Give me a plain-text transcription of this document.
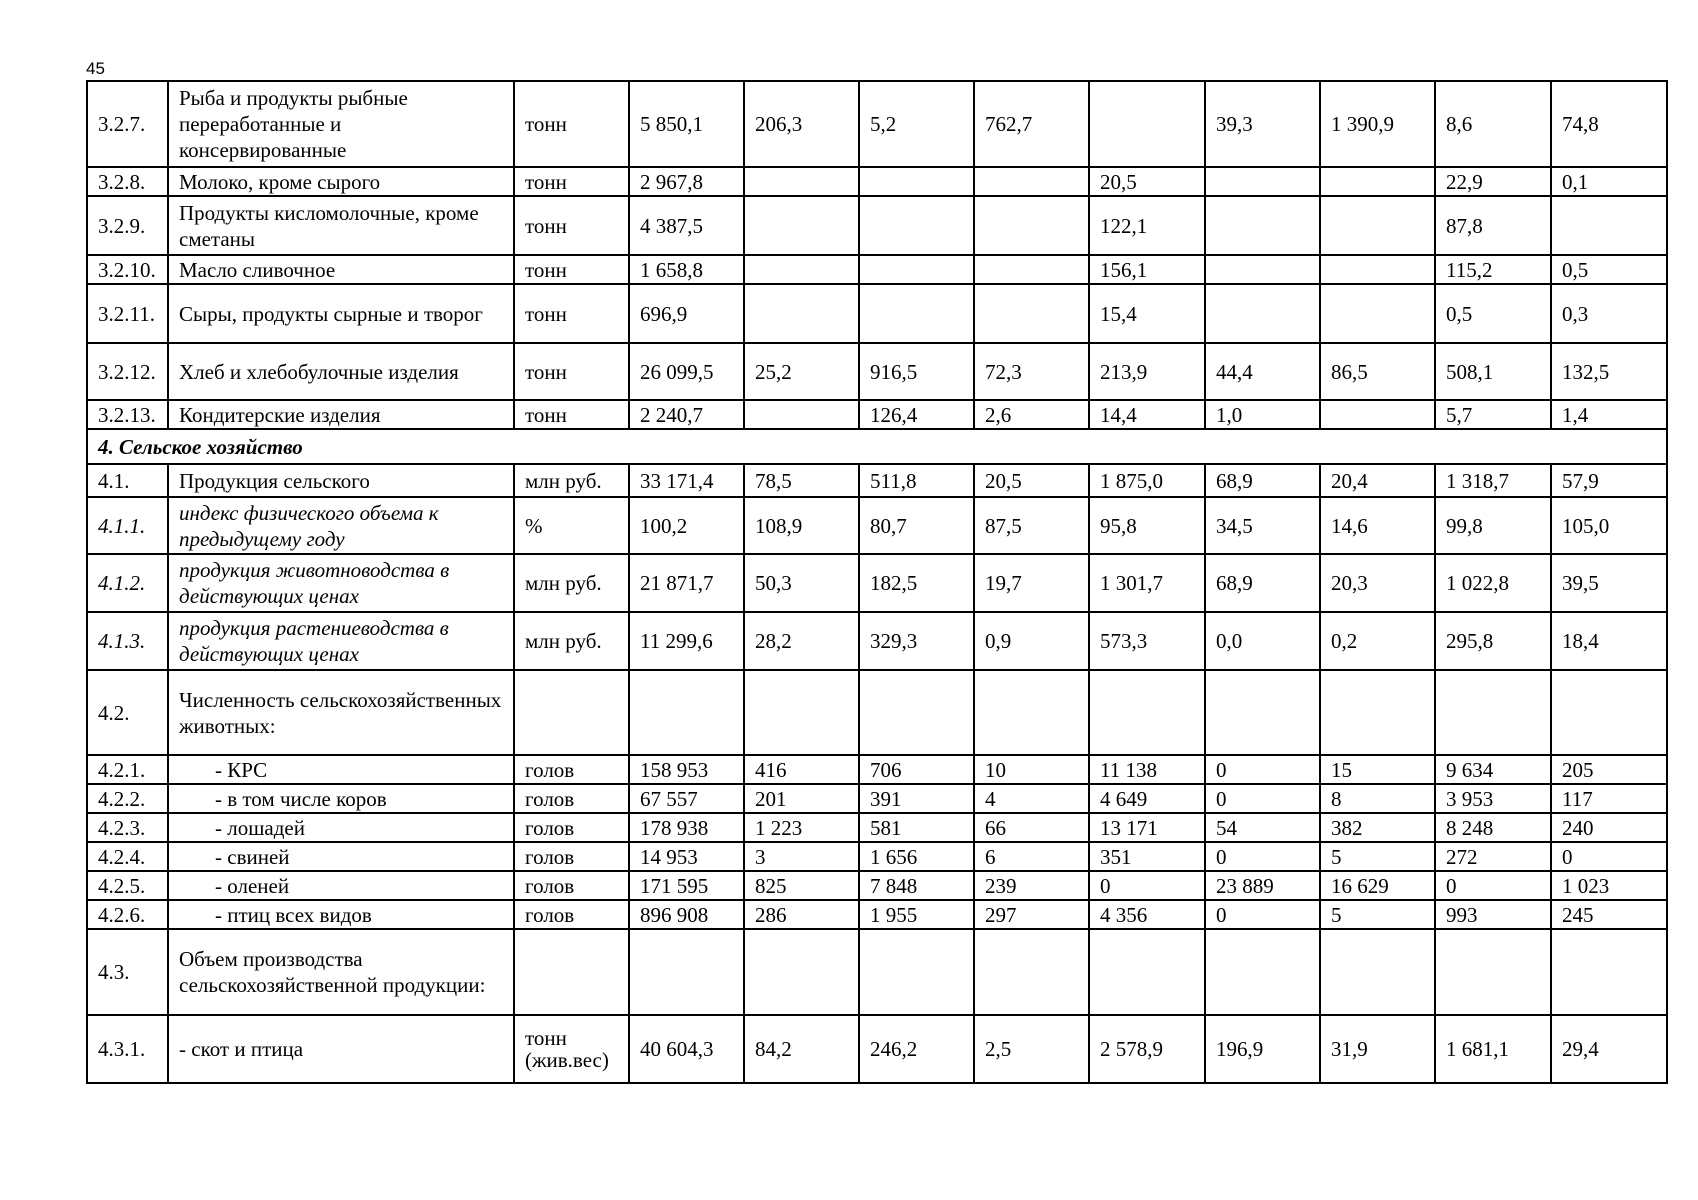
45
3.2.7.	Рыба и продукты рыбные переработанные и консервированные	тонн	5 850,1	206,3	5,2	762,7		39,3	1 390,9	8,6	74,8
3.2.8.	Молоко, кроме сырого	тонн	2 967,8				20,5			22,9	0,1
3.2.9.	Продукты кисломолочные, кроме сметаны	тонн	4 387,5				122,1			87,8	
3.2.10.	Масло сливочное	тонн	1 658,8				156,1			115,2	0,5
3.2.11.	Сыры, продукты сырные и творог	тонн	696,9				15,4			0,5	0,3
3.2.12.	Хлеб и хлебобулочные изделия	тонн	26 099,5	25,2	916,5	72,3	213,9	44,4	86,5	508,1	132,5
3.2.13.	Кондитерские изделия	тонн	2 240,7		126,4	2,6	14,4	1,0		5,7	1,4
4. Сельское хозяйство											
4.1.	Продукция сельского	млн руб.	33 171,4	78,5	511,8	20,5	1 875,0	68,9	20,4	1 318,7	57,9
4.1.1.	индекс физического объема к предыдущему году	%	100,2	108,9	80,7	87,5	95,8	34,5	14,6	99,8	105,0
4.1.2.	продукция животноводства в действующих ценах	млн руб.	21 871,7	50,3	182,5	19,7	1 301,7	68,9	20,3	1 022,8	39,5
4.1.3.	продукция растениеводства в действующих ценах	млн руб.	11 299,6	28,2	329,3	0,9	573,3	0,0	0,2	295,8	18,4
4.2.	Численность сельскохозяйственных животных:										
4.2.1.	- КРС	голов	158 953	416	706	10	11 138	0	15	9 634	205
4.2.2.	- в том числе коров	голов	67 557	201	391	4	4 649	0	8	3 953	117
4.2.3.	- лошадей	голов	178 938	1 223	581	66	13 171	54	382	8 248	240
4.2.4.	- свиней	голов	14 953	3	1 656	6	351	0	5	272	0
4.2.5.	- оленей	голов	171 595	825	7 848	239	0	23 889	16 629	0	1 023
4.2.6.	- птиц всех видов	голов	896 908	286	1 955	297	4 356	0	5	993	245
4.3.	Объем производства сельскохозяйственной продукции:										
4.3.1.	- скот и птица	тонн (жив.вес)	40 604,3	84,2	246,2	2,5	2 578,9	196,9	31,9	1 681,1	29,4
